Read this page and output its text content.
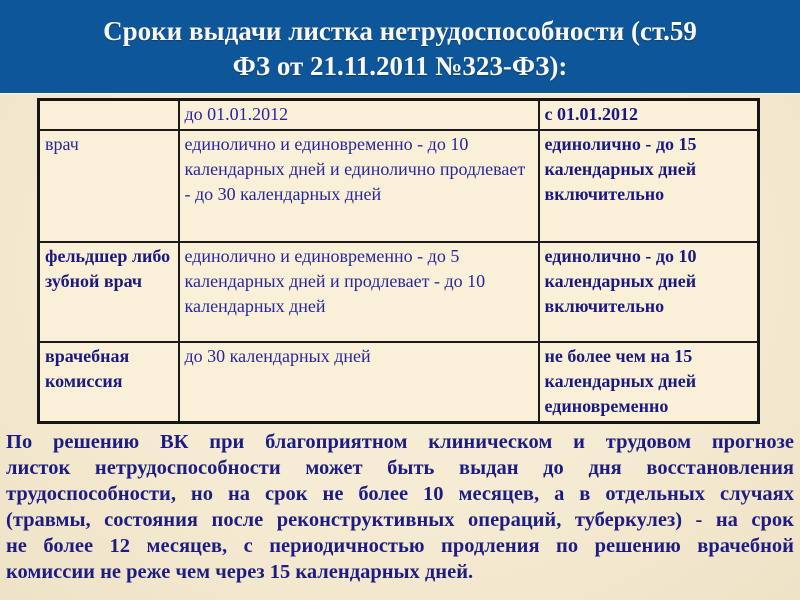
Сроки выдачи листка нетрудоспособности (ст.59
ФЗ от 21.11.2011 №323-ФЗ):
	до 01.01.2012	с 01.01.2012
врач	единолично и единовременно - до 10 календарных дней и единолично продлевает - до 30 календарных дней	единолично - до 15 календарных дней включительно
фельдшер либо зубной врач	единолично и единовременно - до 5 календарных дней и продлевает - до 10 календарных дней	единолично - до 10 календарных дней включительно
врачебная комиссия	до 30 календарных дней	не более чем на 15 календарных дней единовременно
По решению ВК при благоприятном клиническом и трудовом прогнозе
листок нетрудоспособности может быть выдан до дня восстановления
трудоспособности, но на срок не более 10 месяцев, а в отдельных случаях
(травмы, состояния после реконструктивных операций, туберкулез) - на срок
не более 12 месяцев, с периодичностью продления по решению врачебной
комиссии не реже чем через 15 календарных дней.
